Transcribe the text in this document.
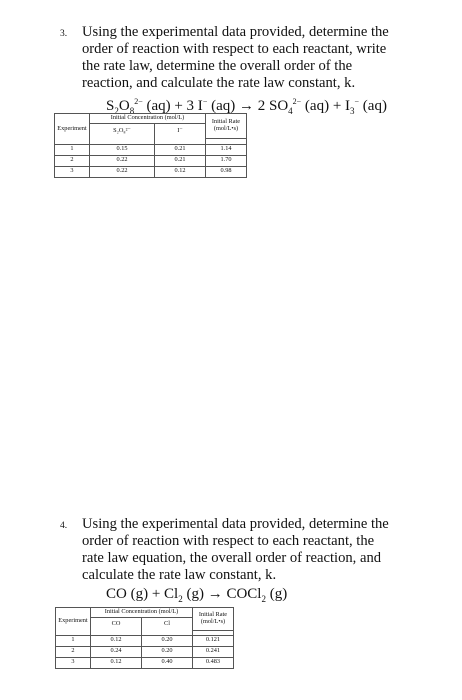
3. Using the experimental data provided, determine the
order of reaction with respect to each reactant, write
the rate law, determine the overall order of the
reaction, and calculate the rate law constant, k.
$S_2O_8^{2-}$ (aq) + 3 I− (aq) → 2 $SO_4^{2-}$ $(aq) + I_3^-$ (aq)
Experiment	Initial Concentration (mol/L)		Initial Rate
(mol/L•s)

	S₂O₈²⁻	I⁻	

1	0.15	0.21	1.14
2	0.22	0.21	1.70
3	0.22	0.12	0.98
4. Using the experimental data provided, determine the
order of reaction with respect to each reactant, the
rate law equation, the overall order of reaction, and
calculate the rate law constant, k.
CO $(g) + Cl_2$ (g) → COCl$_2$ (g)
Experiment	Initial Concentration (mol/L)		Initial Rate
(mol/L•s)

	CO	Cl	

1	0.12	0.20	0.121
2	0.24	0.20	0.241
3	0.12	0.40	0.483
